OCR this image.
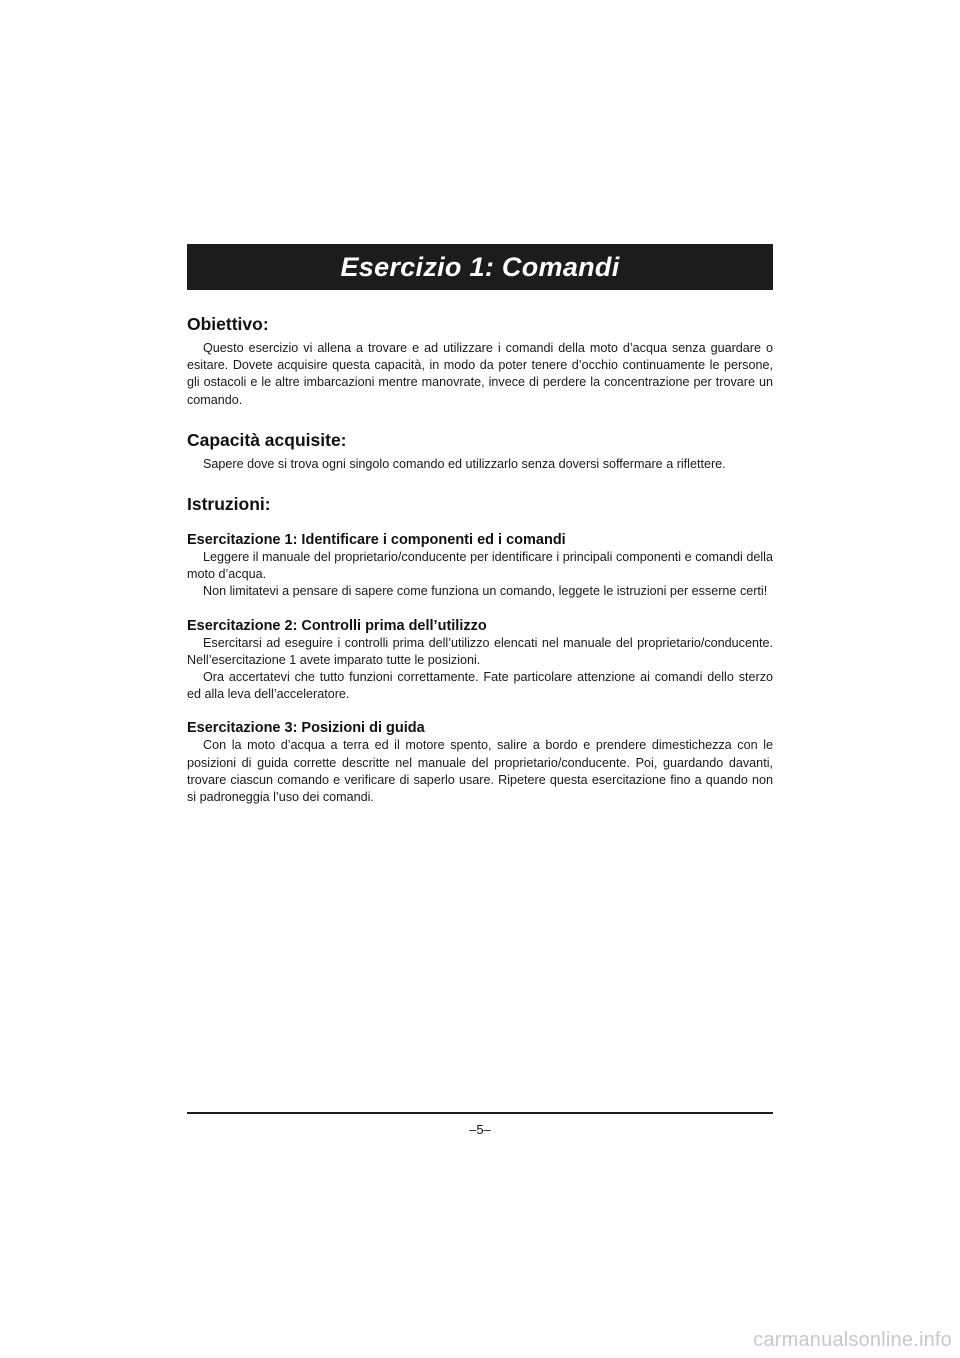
Esercizio 1: Comandi
Obiettivo:

Questo esercizio vi allena a trovare e ad utilizzare i comandi della moto d’acqua senza guardare o esitare. Dovete acquisire questa capacità, in modo da poter tenere d’occhio continuamente le persone, gli ostacoli e le altre imbarcazioni mentre manovrate, invece di perdere la concentrazione per trovare un comando.

Capacità acquisite:

Sapere dove si trova ogni singolo comando ed utilizzarlo senza doversi soffermare a riflettere.

Istruzioni:
Esercitazione 1: Identificare i componenti ed i comandi

Leggere il manuale del proprietario/conducente per identificare i principali componenti e comandi della moto d’acqua.

Non limitatevi a pensare di sapere come funziona un comando, leggete le istruzioni per esserne certi!

Esercitazione 2: Controlli prima dell’utilizzo

Esercitarsi ad eseguire i controlli prima dell’utilizzo elencati nel manuale del proprietario/conducente. Nell’esercitazione 1 avete imparato tutte le posizioni.

Ora accertatevi che tutto funzioni correttamente. Fate particolare attenzione ai comandi dello sterzo ed alla leva dell’acceleratore.

Esercitazione 3: Posizioni di guida

Con la moto d’acqua a terra ed il motore spento, salire a bordo e prendere dimestichezza con le posizioni di guida corrette descritte nel manuale del proprietario/conducente. Poi, guardando davanti, trovare ciascun comando e verificare di saperlo usare. Ripetere questa esercitazione fino a quando non si padroneggia l’uso dei comandi.

–5–
carmanualsonline.info
